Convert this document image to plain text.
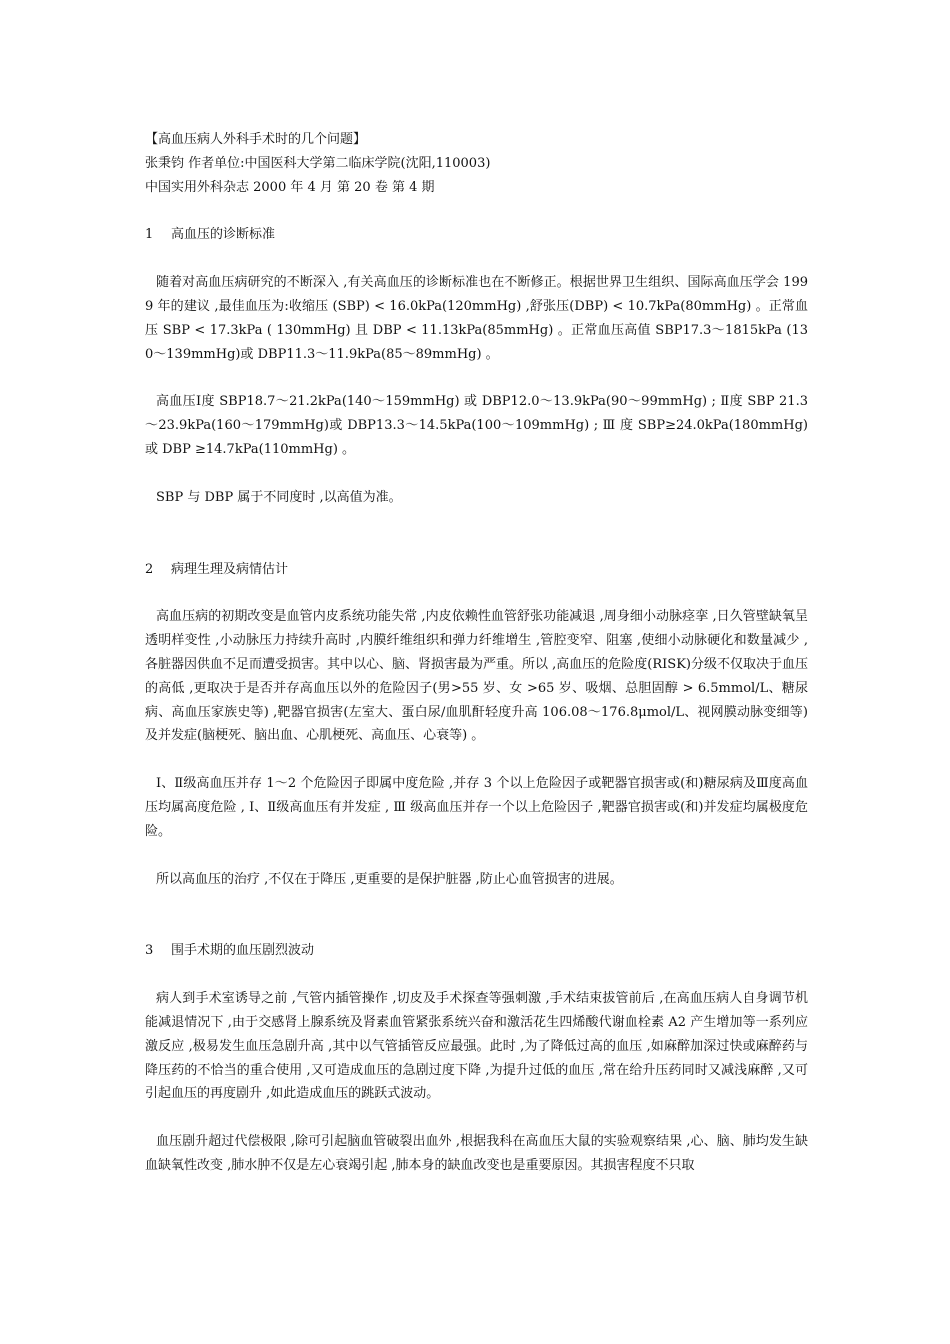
【高血压病人外科手术时的几个问题】

张秉钧 作者单位:中国医科大学第二临床学院(沈阳,110003)

中国实用外科杂志 2000 年 4 月 第 20 卷 第 4 期

1 高血压的诊断标准

随着对高血压病研究的不断深入 ,有关高血压的诊断标准也在不断修正。根据世界卫生组织、国际高血压学会 1999 年的建议 ,最佳血压为:收缩压 (SBP) < 16.0kPa(120mmHg) ,舒张压(DBP) < 10.7kPa(80mmHg) 。正常血压 SBP < 17.3kPa ( 130mmHg) 且 DBP < 11.13kPa(85mmHg) 。正常血压高值 SBP17.3～1815kPa (130～139mmHg)或 DBP11.3～11.9kPa(85～89mmHg) 。

高血压Ⅰ度 SBP18.7～21.2kPa(140～159mmHg) 或 DBP12.0～13.9kPa(90～99mmHg) ; Ⅱ度 SBP 21.3～23.9kPa(160～179mmHg)或 DBP13.3～14.5kPa(100～109mmHg) ; Ⅲ 度 SBP≥24.0kPa(180mmHg)或 DBP ≥14.7kPa(110mmHg) 。

SBP 与 DBP 属于不同度时 ,以高值为准。

2 病理生理及病情估计

高血压病的初期改变是血管内皮系统功能失常 ,内皮依赖性血管舒张功能减退 ,周身细小动脉痉挛 ,日久管壁缺氧呈透明样变性 ,小动脉压力持续升高时 ,内膜纤维组织和弹力纤维增生 ,管腔变窄、阻塞 ,使细小动脉硬化和数量减少 ,各脏器因供血不足而遭受损害。其中以心、脑、肾损害最为严重。所以 ,高血压的危险度(RISK)分级不仅取决于血压的高低 ,更取决于是否并存高血压以外的危险因子(男>55 岁、女 >65 岁、吸烟、总胆固醇 > 6.5mmol/L、糖尿病、高血压家族史等) ,靶器官损害(左室大、蛋白尿/血肌酐轻度升高 106.08～176.8μmol/L、视网膜动脉变细等)及并发症(脑梗死、脑出血、心肌梗死、高血压、心衰等) 。

Ⅰ、Ⅱ级高血压并存 1～2 个危险因子即属中度危险 ,并存 3 个以上危险因子或靶器官损害或(和)糖尿病及Ⅲ度高血压均属高度危险 , Ⅰ、Ⅱ级高血压有并发症 , Ⅲ 级高血压并存一个以上危险因子 ,靶器官损害或(和)并发症均属极度危险。

所以高血压的治疗 ,不仅在于降压 ,更重要的是保护脏器 ,防止心血管损害的进展。

3 围手术期的血压剧烈波动

病人到手术室诱导之前 ,气管内插管操作 ,切皮及手术探查等强刺激 ,手术结束拔管前后 ,在高血压病人自身调节机能减退情况下 ,由于交感肾上腺系统及肾素血管紧张系统兴奋和激活花生四烯酸代谢血栓素 A2 产生增加等一系列应激反应 ,极易发生血压急剧升高 ,其中以气管插管反应最强。此时 ,为了降低过高的血压 ,如麻醉加深过快或麻醉药与降压药的不恰当的重合使用 ,又可造成血压的急剧过度下降 ,为提升过低的血压 ,常在给升压药同时又减浅麻醉 ,又可引起血压的再度剧升 ,如此造成血压的跳跃式波动。

血压剧升超过代偿极限 ,除可引起脑血管破裂出血外 ,根据我科在高血压大鼠的实验观察结果 ,心、脑、肺均发生缺血缺氧性改变 ,肺水肿不仅是左心衰竭引起 ,肺本身的缺血改变也是重要原因。其损害程度不只取
